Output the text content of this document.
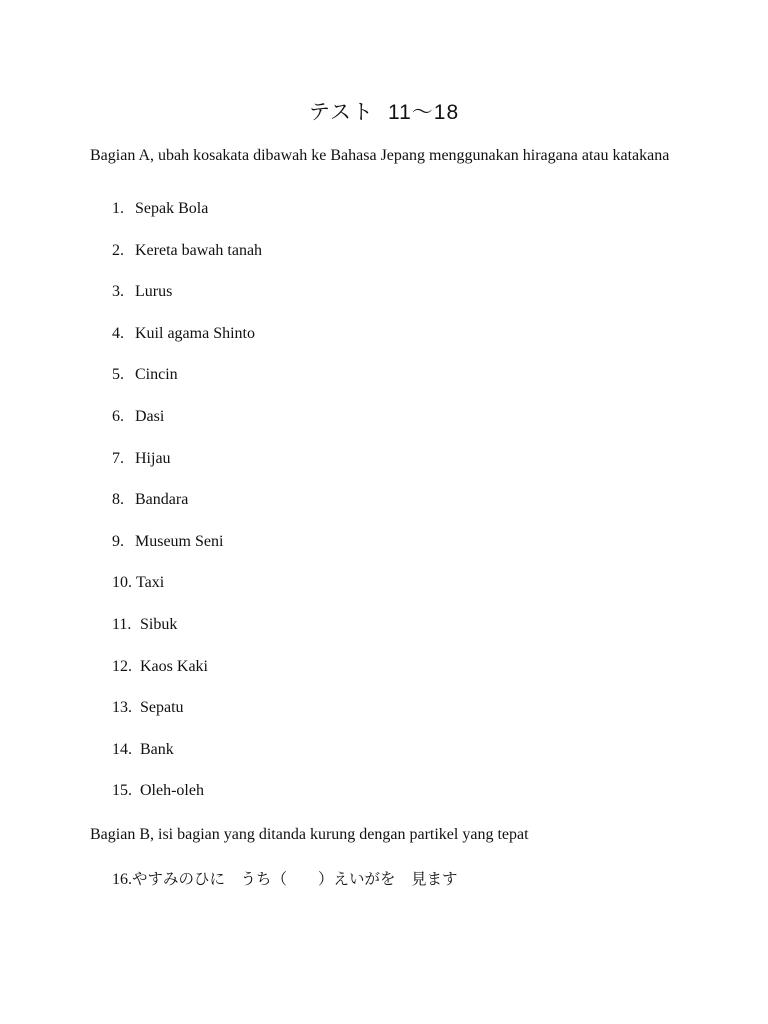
テスト 11〜18

Bagian A, ubah kosakata dibawah ke Bahasa Jepang menggunakan hiragana atau katakana

1. Sepak Bola
2. Kereta bawah tanah
3. Lurus
4. Kuil agama Shinto
5. Cincin
6. Dasi
7. Hijau
8. Bandara
9. Museum Seni
10. Taxi
11. Sibuk
12. Kaos Kaki
13. Sepatu
14. Bank
15. Oleh-oleh

Bagian B, isi bagian yang ditanda kurung dengan partikel yang tepat

16.やすみのひに　うち（　　）えいがを　見ます
